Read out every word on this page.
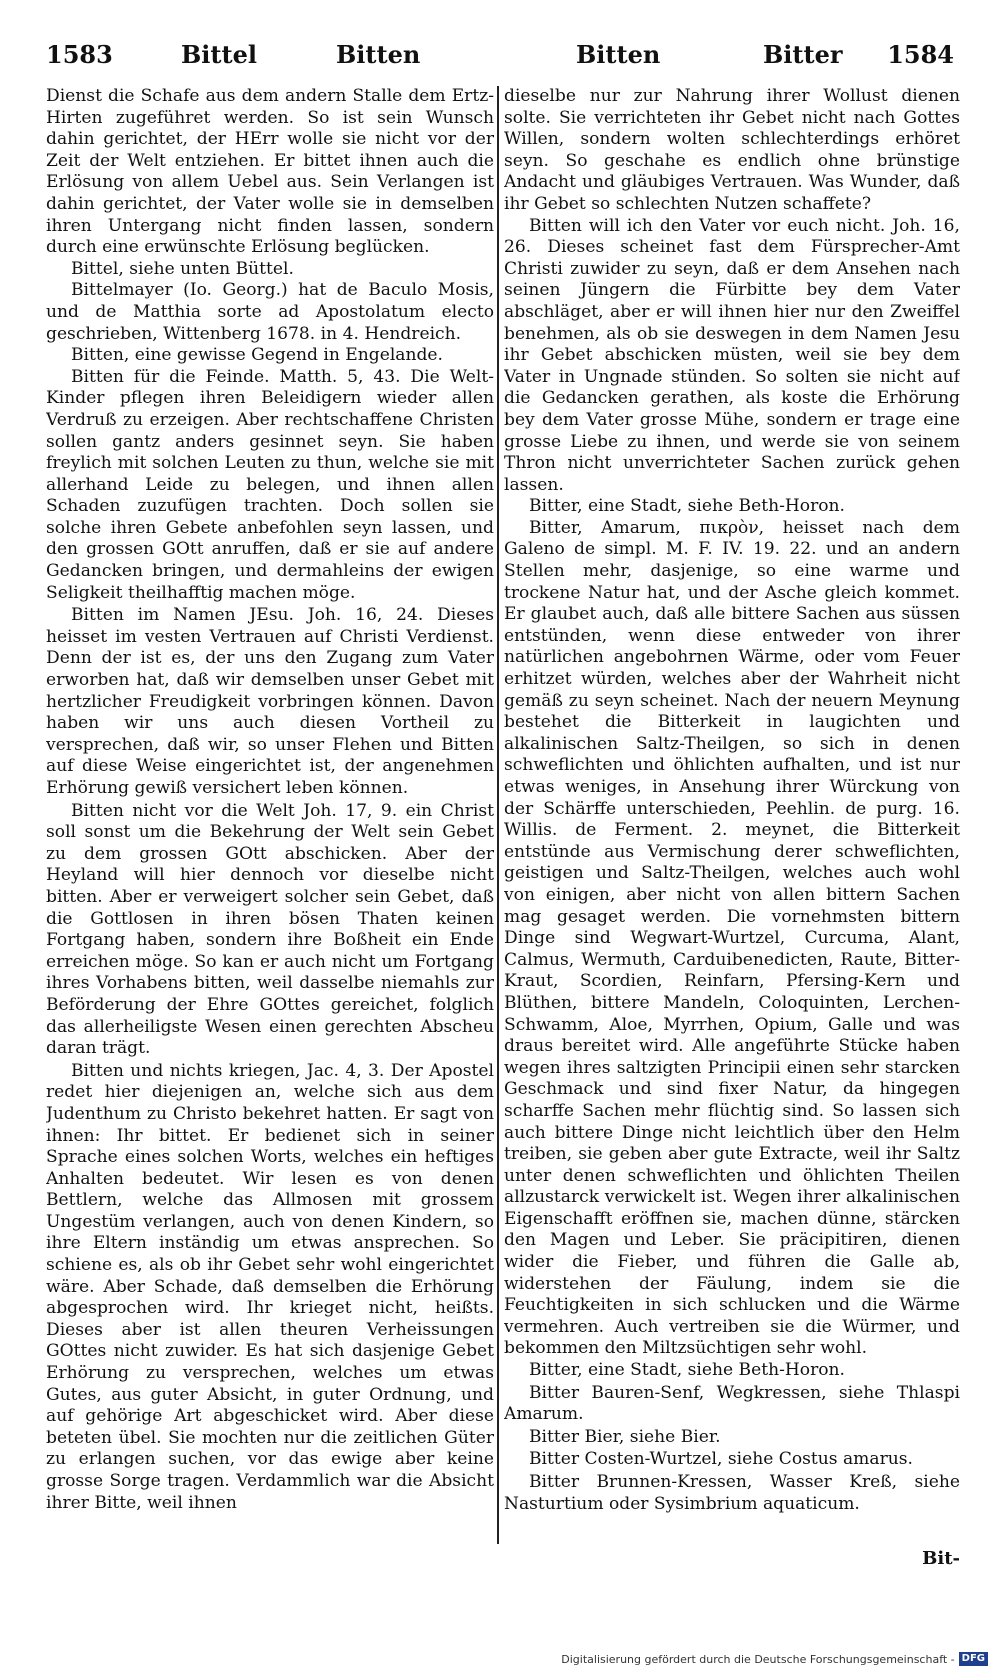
1583	Bittel	Bitten	Bitten	Bitter 1584

Dienst die Schafe aus dem andern Stalle dem Ertz-Hirten zugeführet werden. So ist sein Wunsch dahin gerichtet, der HErr wolle sie nicht vor der Zeit der Welt entziehen. Er bittet ihnen auch die Erlösung von allem Uebel aus. Sein Verlangen ist dahin gerichtet, der Vater wolle sie in demselben ihren Untergang nicht finden lassen, sondern durch eine erwünschte Erlösung beglücken.

Bittel, siehe unten Büttel.

Bittelmayer (Io. Georg.) hat de Baculo Mosis, und de Matthia sorte ad Apostolatum electo geschrieben, Wittenberg 1678. in 4. Hendreich.

Bitten, eine gewisse Gegend in Engelande.

Bitten für die Feinde. Matth. 5, 43. Die Welt-Kinder pflegen ihren Beleidigern wieder allen Verdruß zu erzeigen. Aber rechtschaffene Christen sollen gantz anders gesinnet seyn. Sie haben freylich mit solchen Leuten zu thun, welche sie mit allerhand Leide zu belegen, und ihnen allen Schaden zuzufügen trachten. Doch sollen sie solche ihren Gebete anbefohlen seyn lassen, und den grossen GOtt anruffen, daß er sie auf andere Gedancken bringen, und dermahleins der ewigen Seligkeit theilhafftig machen möge.

Bitten im Namen JEsu. Joh. 16, 24. Dieses heisset im vesten Vertrauen auf Christi Verdienst. Denn der ist es, der uns den Zugang zum Vater erworben hat, daß wir demselben unser Gebet mit hertzlicher Freudigkeit vorbringen können. Davon haben wir uns auch diesen Vortheil zu versprechen, daß wir, so unser Flehen und Bitten auf diese Weise eingerichtet ist, der angenehmen Erhörung gewiß versichert leben können.

Bitten nicht vor die Welt Joh. 17, 9. ein Christ soll sonst um die Bekehrung der Welt sein Gebet zu dem grossen GOtt abschicken. Aber der Heyland will hier dennoch vor dieselbe nicht bitten. Aber er verweigert solcher sein Gebet, daß die Gottlosen in ihren bösen Thaten keinen Fortgang haben, sondern ihre Boßheit ein Ende erreichen möge. So kan er auch nicht um Fortgang ihres Vorhabens bitten, weil dasselbe niemahls zur Beförderung der Ehre GOttes gereichet, folglich das allerheiligste Wesen einen gerechten Abscheu daran trägt.

Bitten und nichts kriegen, Jac. 4, 3. Der Apostel redet hier diejenigen an, welche sich aus dem Judenthum zu Christo bekehret hatten. Er sagt von ihnen: Ihr bittet. Er bedienet sich in seiner Sprache eines solchen Worts, welches ein heftiges Anhalten bedeutet. Wir lesen es von denen Bettlern, welche das Allmosen mit grossem Ungestüm verlangen, auch von denen Kindern, so ihre Eltern inständig um etwas ansprechen. So schiene es, als ob ihr Gebet sehr wohl eingerichtet wäre. Aber Schade, daß demselben die Erhörung abgesprochen wird. Ihr krieget nicht, heißts. Dieses aber ist allen theuren Verheissungen GOttes nicht zuwider. Es hat sich dasjenige Gebet Erhörung zu versprechen, welches um etwas Gutes, aus guter Absicht, in guter Ordnung, und auf gehörige Art abgeschicket wird. Aber diese beteten übel. Sie mochten nur die zeitlichen Güter zu erlangen suchen, vor das ewige aber keine grosse Sorge tragen. Verdammlich war die Absicht ihrer Bitte, weil ihnen

dieselbe nur zur Nahrung ihrer Wollust dienen solte. Sie verrichteten ihr Gebet nicht nach Gottes Willen, sondern wolten schlechterdings erhöret seyn. So geschahe es endlich ohne brünstige Andacht und gläubiges Vertrauen. Was Wunder, daß ihr Gebet so schlechten Nutzen schaffete?

Bitten will ich den Vater vor euch nicht. Joh. 16, 26. Dieses scheinet fast dem Fürsprecher-Amt Christi zuwider zu seyn, daß er dem Ansehen nach seinen Jüngern die Fürbitte bey dem Vater abschläget, aber er will ihnen hier nur den Zweiffel benehmen, als ob sie deswegen in dem Namen Jesu ihr Gebet abschicken müsten, weil sie bey dem Vater in Ungnade stünden. So solten sie nicht auf die Gedancken gerathen, als koste die Erhörung bey dem Vater grosse Mühe, sondern er trage eine grosse Liebe zu ihnen, und werde sie von seinem Thron nicht unverrichteter Sachen zurück gehen lassen.

Bitter, eine Stadt, siehe Beth-Horon.

Bitter, Amarum, πικρὸν, heisset nach dem Galeno de simpl. M. F. IV. 19. 22. und an andern Stellen mehr, dasjenige, so eine warme und trockene Natur hat, und der Asche gleich kommet. Er glaubet auch, daß alle bittere Sachen aus süssen entstünden, wenn diese entweder von ihrer natürlichen angebohrnen Wärme, oder vom Feuer erhitzet würden, welches aber der Wahrheit nicht gemäß zu seyn scheinet. Nach der neuern Meynung bestehet die Bitterkeit in laugichten und alkalinischen Saltz-Theilgen, so sich in denen schweflichten und öhlichten aufhalten, und ist nur etwas weniges, in Ansehung ihrer Würckung von der Schärffe unterschieden, Peehlin. de purg. 16. Willis. de Ferment. 2. meynet, die Bitterkeit entstünde aus Vermischung derer schweflichten, geistigen und Saltz-Theilgen, welches auch wohl von einigen, aber nicht von allen bittern Sachen mag gesaget werden. Die vornehmsten bittern Dinge sind Wegwart-Wurtzel, Curcuma, Alant, Calmus, Wermuth, Carduibenedicten, Raute, Bitter-Kraut, Scordien, Reinfarn, Pfersing-Kern und Blüthen, bittere Mandeln, Coloquinten, Lerchen-Schwamm, Aloe, Myrrhen, Opium, Galle und was draus bereitet wird. Alle angeführte Stücke haben wegen ihres saltzigten Principii einen sehr starcken Geschmack und sind fixer Natur, da hingegen scharffe Sachen mehr flüchtig sind. So lassen sich auch bittere Dinge nicht leichtlich über den Helm treiben, sie geben aber gute Extracte, weil ihr Saltz unter denen schweflichten und öhlichten Theilen allzustarck verwickelt ist. Wegen ihrer alkalinischen Eigenschafft eröffnen sie, machen dünne, stärcken den Magen und Leber. Sie präcipitiren, dienen wider die Fieber, und führen die Galle ab, widerstehen der Fäulung, indem sie die Feuchtigkeiten in sich schlucken und die Wärme vermehren. Auch vertreiben sie die Würmer, und bekommen den Miltzsüchtigen sehr wohl.

Bitter, eine Stadt, siehe Beth-Horon.

Bitter Bauren-Senf, Wegkressen, siehe Thlaspi Amarum.

Bitter Bier, siehe Bier.

Bitter Costen-Wurtzel, siehe Costus amarus.

Bitter Brunnen-Kressen, Wasser Kreß, siehe Nasturtium oder Sysimbrium aquaticum.

Bit-
Digitalisierung gefördert durch die Deutsche Forschungsgemeinschaft - DFG
